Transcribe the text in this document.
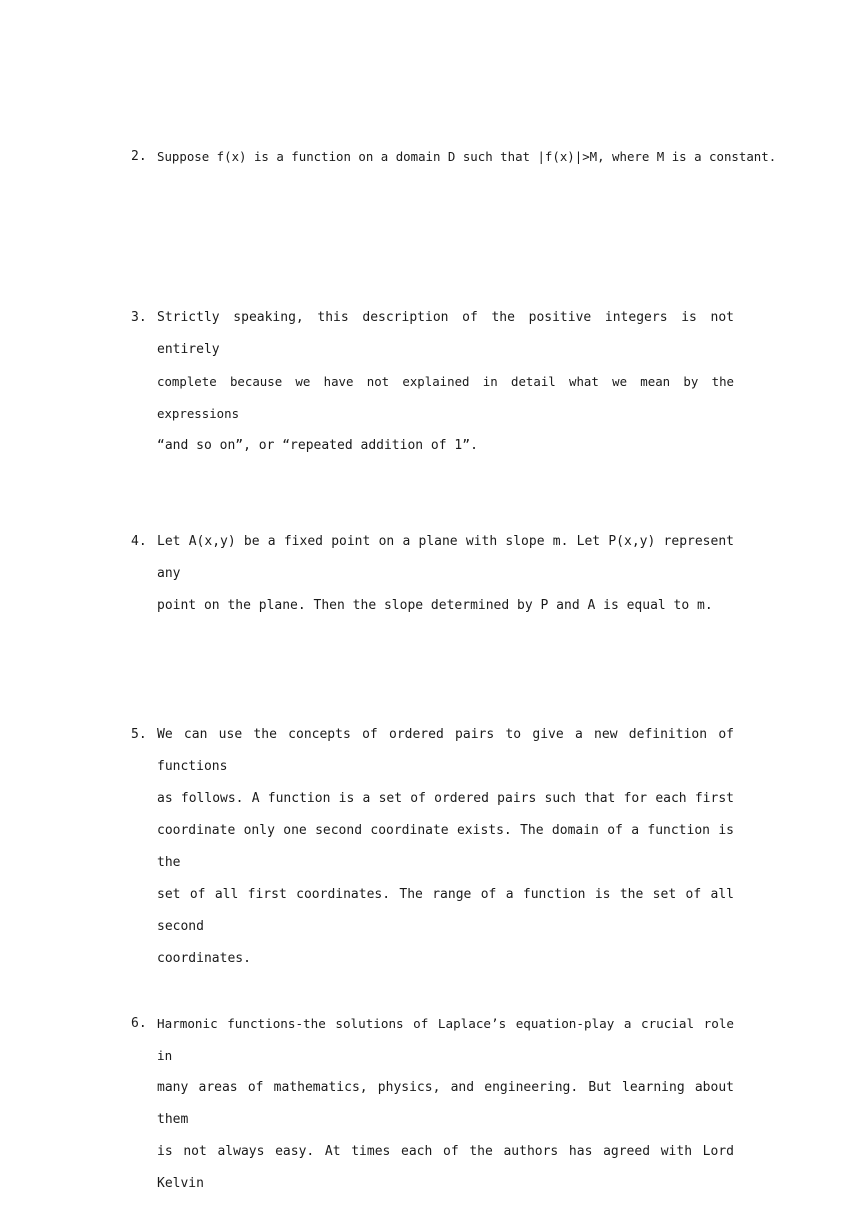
2. Suppose f(x) is a function on a domain D such that |f(x)|>M, where M is a constant.
3. Strictly speaking, this description of the positive integers is not entirely
complete because we have not explained in detail what we mean by the expressions
“and so on”, or “repeated addition of 1”.
4. Let A(x,y) be a fixed point on a plane with slope m. Let P(x,y) represent any
point on the plane. Then the slope determined by P and A is equal to m.
5. We can use the concepts of ordered pairs to give a new definition of functions
as follows. A function is a set of ordered pairs such that for each first
coordinate only one second coordinate exists. The domain of a function is the
set of all first coordinates. The range of a function is the set of all second
coordinates.
6. Harmonic functions-the solutions of Laplace’s equation-play a crucial role in
many areas of mathematics, physics, and engineering. But learning about them
is not always easy. At times each of the authors has agreed with Lord Kelvin
